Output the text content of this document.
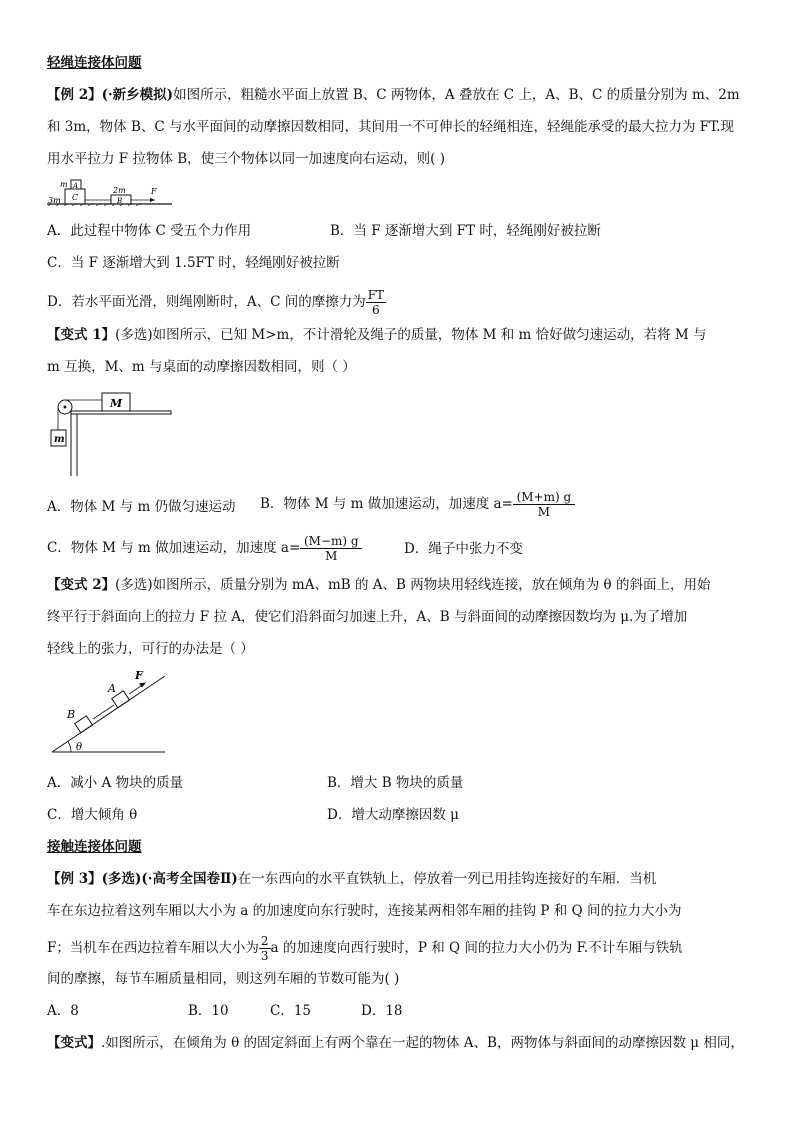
轻绳连接体问题
【例 2】(·新乡模拟)如图所示，粗糙水平面上放置 B、C 两物体，A 叠放在 C 上，A、B、C 的质量分别为 m、2m
和 3m，物体 B、C 与水平面间的动摩擦因数相同，其间用一不可伸长的轻绳相连，轻绳能承受的最大拉力为 FT.现
用水平拉力 F 拉物体 B，使三个物体以同一加速度向右运动，则( )
m A
C
2m
B
F
3m
A．此过程中物体 C 受五个力作用	B．当 F 逐渐增大到 FT 时，轻绳刚好被拉断
C．当 F 逐渐增大到 1.5FT 时，轻绳刚好被拉断
D．若水平面光滑，则绳刚断时，A、C 间的摩擦力为 $\frac{FT}{6}$
【变式 1】(多选)如图所示，已知 M>m，不计滑轮及绳子的质量，物体 M 和 m 恰好做匀速运动，若将 M 与
m 互换，M、m 与桌面的动摩擦因数相同，则（ ）
M
m
A．物体 M 与 m 仍做匀速运动 B．物体 M 与 m 做加速运动，加速度 $a= \frac{(M+m) g}{M}$
C．物体 M 与 m 做加速运动，加速度 $a= \frac{(M-m) g}{M}$	D．绳子中张力不变
【变式 2】(多选)如图所示，质量分别为 mA、mB 的 A、B 两物块用轻线连接，放在倾角为 θ 的斜面上，用始
终平行于斜面向上的拉力 F 拉 A，使它们沿斜面匀加速上升，A、B 与斜面间的动摩擦因数均为 μ.为了增加
轻线上的张力，可行的办法是（ ）
A
B
F
θ
A．减小 A 物块的质量	B．增大 B 物块的质量
C．增大倾角 θ	D．增大动摩擦因数 μ
接触连接体问题
【例 3】(多选)(·高考全国卷Ⅱ)在一东西向的水平直铁轨上，停放着一列已用挂钩连接好的车厢．当机
车在东边拉着这列车厢以大小为 a 的加速度向东行驶时，连接某两相邻车厢的挂钩 P 和 Q 间的拉力大小为
F；当机车在西边拉着车厢以大小为 $\frac{2}{3}$ a 的加速度向西行驶时，P 和 Q 间的拉力大小仍为 F.不计车厢与铁轨
间的摩擦，每节车厢质量相同，则这列车厢的节数可能为( )
A．8	B．10	C．15	D．18
【变式】.如图所示，在倾角为 θ 的固定斜面上有两个靠在一起的物体 A、B，两物体与斜面间的动摩擦因数 μ 相同，
